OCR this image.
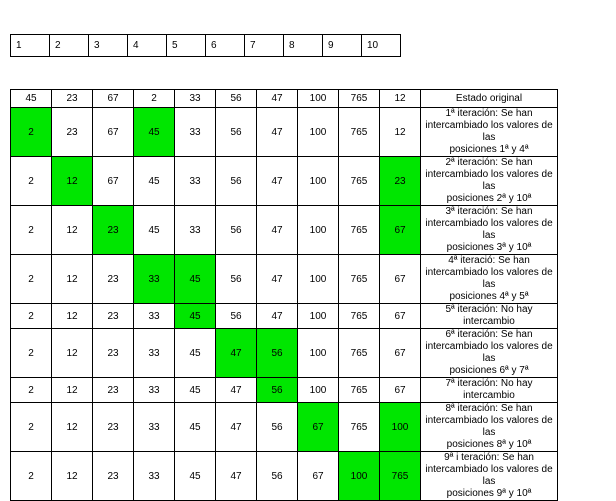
1	2	3	4	5	6	7	8	9	10
45	23	67	2	33	56	47	100	765	12	Estado original

2	23	67	45	33	56	47	100	765	12	1ª iteración: Se han
intercambiado los valores de las
posiciones 1ª y 4ª

2	12	67	45	33	56	47	100	765	23	2ª iteración: Se han
intercambiado los valores de las
posiciones 2ª y 10ª

2	12	23	45	33	56	47	100	765	67	3ª iteración: Se han
intercambiado los valores de las
posiciones 3ª y 10ª

2	12	23	33	45	56	47	100	765	67	4ª iteració: Se han
intercambiado los valores de las
posiciones 4ª y 5ª

2	12	23	33	45	56	47	100	765	67	5ª iteración: No hay intercambio

2	12	23	33	45	47	56	100	765	67	6ª iteración: Se han
intercambiado los valores de las
posiciones 6ª y 7ª

2	12	23	33	45	47	56	100	765	67	7ª iteración: No hay intercambio

2	12	23	33	45	47	56	67	765	100	8ª iteración: Se han
intercambiado los valores de las
posiciones 8ª y 10ª

2	12	23	33	45	47	56	67	100	765	9ª i teración: Se han
intercambiado los valores de las
posiciones 9ª y 10ª
